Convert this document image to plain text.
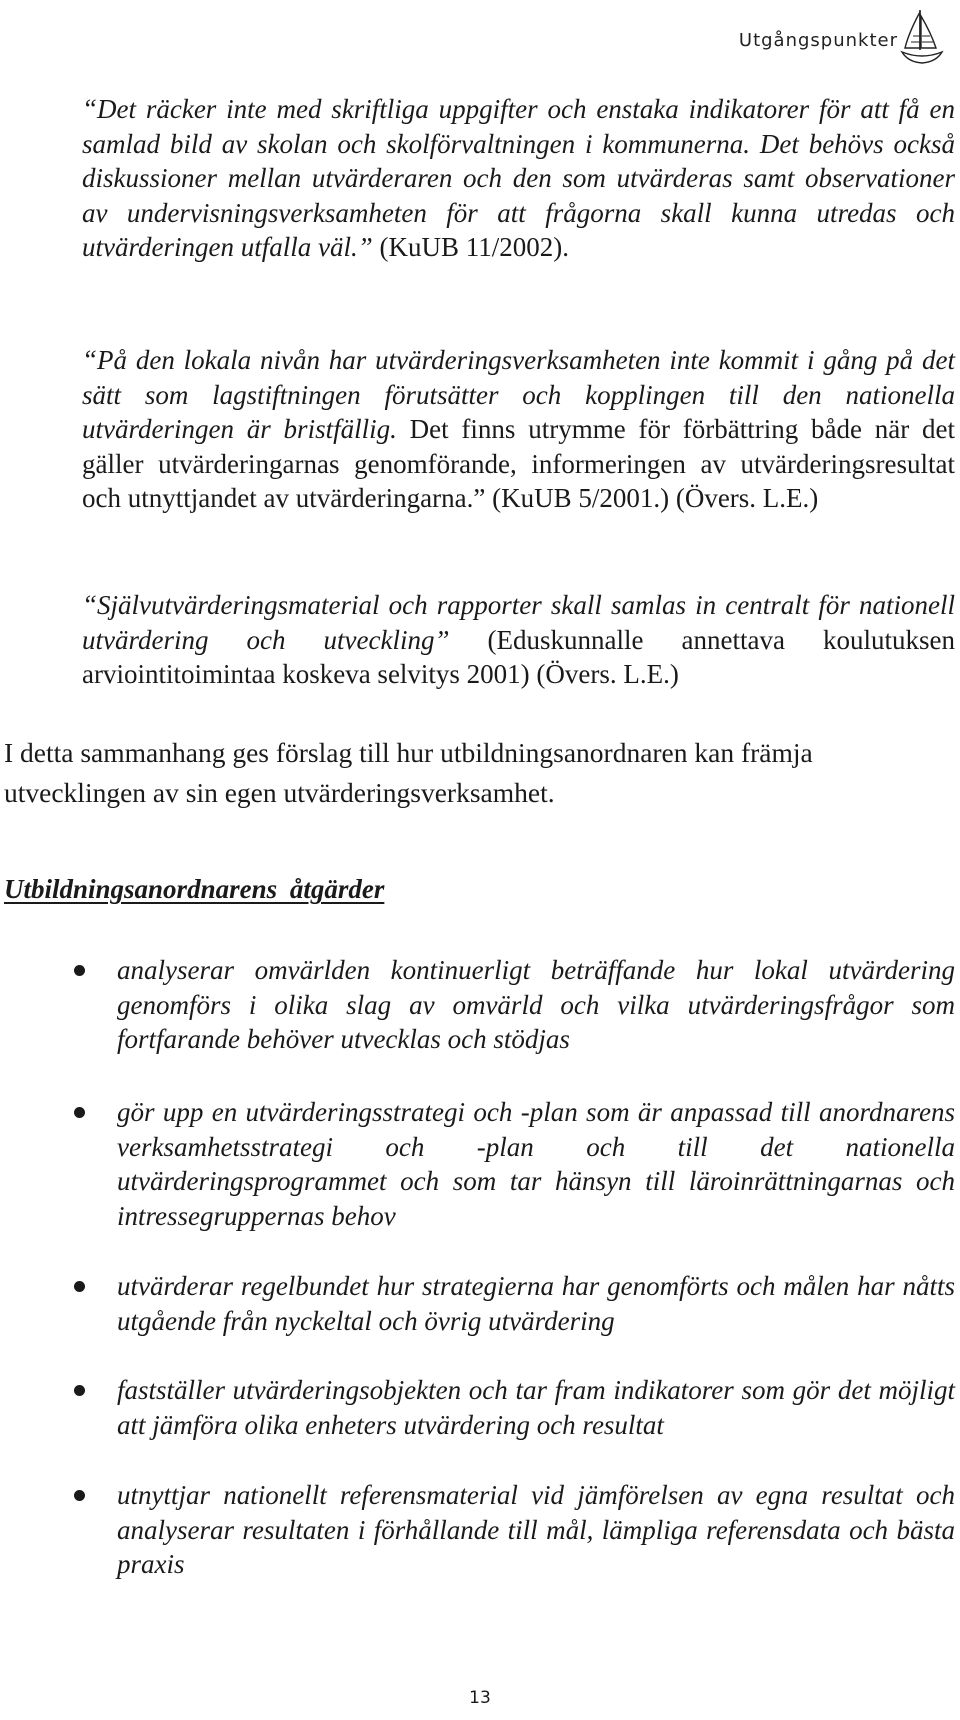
Utgångspunkter

“Det räcker inte med skriftliga uppgifter och enstaka indikatorer för att få en samlad bild av skolan och skolförvaltningen i kommunerna. Det behövs också diskussioner mellan utvärderaren och den som utvärderas samt observationer av undervisningsverksamheten för att frågorna skall kunna utredas och utvärderingen utfalla väl.” (KuUB 11/2002).

“På den lokala nivån har utvärderingsverksamheten inte kommit i gång på det sätt som lagstiftningen förutsätter och kopplingen till den nationella utvärderingen är bristfällig. Det finns utrymme för förbättring både när det gäller utvärderingarnas genomförande, informeringen av utvärderingsresultat och utnyttjandet av utvärderingarna.” (KuUB 5/2001.) (Övers. L.E.)

“Självutvärderingsmaterial och rapporter skall samlas in centralt för nationell utvärdering och utveckling” (Eduskunnalle annettava koulutuksen arviointitoimintaa koskeva selvitys 2001) (Övers. L.E.)

I detta sammanhang ges förslag till hur utbildningsanordnaren kan främja utvecklingen av sin egen utvärderingsverksamhet.

Utbildningsanordnarens åtgärder
analyserar omvärlden kontinuerligt beträffande hur lokal utvärdering genomförs i olika slag av omvärld och vilka utvärderingsfrågor som fortfarande behöver utvecklas och stödjas
gör upp en utvärderingsstrategi och -plan som är anpassad till anordnarens verksamhetsstrategi och -plan och till det nationella utvärderingsprogrammet och som tar hänsyn till läroinrättningarnas och intressegruppernas behov
utvärderar regelbundet hur strategierna har genomförts och målen har nåtts utgående från nyckeltal och övrig utvärdering
fastställer utvärderingsobjekten och tar fram indikatorer som gör det möjligt att jämföra olika enheters utvärdering och resultat
utnyttjar nationellt referensmaterial vid jämförelsen av egna resultat och analyserar resultaten i förhållande till mål, lämpliga referensdata och bästa praxis
13
